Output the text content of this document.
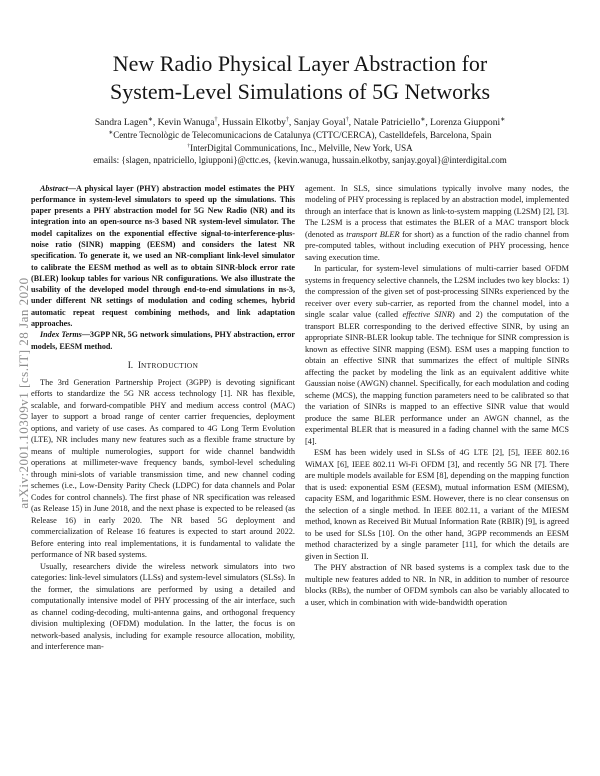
arXiv:2001.10309v1 [cs.IT] 28 Jan 2020
New Radio Physical Layer Abstraction for
System-Level Simulations of 5G Networks
Sandra Lagen∗, Kevin Wanuga†, Hussain Elkotby†, Sanjay Goyal†, Natale Patriciello∗, Lorenza Giupponi∗
∗Centre Tecnològic de Telecomunicacions de Catalunya (CTTC/CERCA), Castelldefels, Barcelona, Spain
†InterDigital Communications, Inc., Melville, New York, USA
emails: {slagen, npatriciello, lgiupponi}@cttc.es, {kevin.wanuga, hussain.elkotby, sanjay.goyal}@interdigital.com

Abstract—A physical layer (PHY) abstraction model estimates the PHY performance in system-level simulators to speed up the simulations. This paper presents a PHY abstraction model for 5G New Radio (NR) and its integration into an open-source ns-3 based NR system-level simulator. The model capitalizes on the exponential effective signal-to-interference-plus-noise ratio (SINR) mapping (EESM) and considers the latest NR specification. To generate it, we used an NR-compliant link-level simulator to calibrate the EESM method as well as to obtain SINR-block error rate (BLER) lookup tables for various NR configurations. We also illustrate the usability of the developed model through end-to-end simulations in ns-3, under different NR settings of modulation and coding schemes, hybrid automatic repeat request combining methods, and link adaptation approaches.

Index Terms—3GPP NR, 5G network simulations, PHY abstraction, error models, EESM method.

I. INTRODUCTION

The 3rd Generation Partnership Project (3GPP) is devoting significant efforts to standardize the 5G NR access technology [1]. NR has flexible, scalable, and forward-compatible PHY and medium access control (MAC) layer to support a broad range of center carrier frequencies, deployment options, and variety of use cases. As compared to 4G Long Term Evolution (LTE), NR includes many new features such as a flexible frame structure by means of multiple numerologies, support for wide channel bandwidth operations at millimeter-wave frequency bands, symbol-level scheduling through mini-slots of variable transmission time, and new channel coding schemes (i.e., Low-Density Parity Check (LDPC) for data channels and Polar Codes for control channels). The first phase of NR specification was released (as Release 15) in June 2018, and the next phase is expected to be released (as Release 16) in early 2020. The NR based 5G deployment and commercialization of Release 16 features is expected to start around 2022. Before entering into real implementations, it is fundamental to validate the performance of NR based systems.

Usually, researchers divide the wireless network simulators into two categories: link-level simulators (LLSs) and system-level simulators (SLSs). In the former, the simulations are performed by using a detailed and computationally intensive model of PHY processing of the air interface, such as channel coding-decoding, multi-antenna gains, and orthogonal frequency division multiplexing (OFDM) modulation. In the latter, the focus is on network-based analysis, including for example resource allocation, mobility, and interference man-

agement. In SLS, since simulations typically involve many nodes, the modeling of PHY processing is replaced by an abstraction model, implemented through an interface that is known as link-to-system mapping (L2SM) [2], [3]. The L2SM is a process that estimates the BLER of a MAC transport block (denoted as transport BLER for short) as a function of the radio channel from pre-computed tables, without including execution of PHY processing, hence saving execution time.

In particular, for system-level simulations of multi-carrier based OFDM systems in frequency selective channels, the L2SM includes two key blocks: 1) the compression of the given set of post-processing SINRs experienced by the receiver over every sub-carrier, as reported from the channel model, into a single scalar value (called effective SINR) and 2) the computation of the transport BLER corresponding to the derived effective SINR, by using an appropriate SINR-BLER lookup table. The technique for SINR compression is known as effective SINR mapping (ESM). ESM uses a mapping function to obtain an effective SINR that summarizes the effect of multiple SINRs affecting the packet by modeling the link as an equivalent additive white Gaussian noise (AWGN) channel. Specifically, for each modulation and coding scheme (MCS), the mapping function parameters need to be calibrated so that the variation of SINRs is mapped to an effective SINR value that would produce the same BLER performance under an AWGN channel, as the experimental BLER that is measured in a fading channel with the same MCS [4].

ESM has been widely used in SLSs of 4G LTE [2], [5], IEEE 802.16 WiMAX [6], IEEE 802.11 Wi-Fi OFDM [3], and recently 5G NR [7]. There are multiple models available for ESM [8], depending on the mapping function that is used: exponential ESM (EESM), mutual information ESM (MIESM), capacity ESM, and logarithmic ESM. However, there is no clear consensus on the selection of a single method. In IEEE 802.11, a variant of the MIESM method, known as Received Bit Mutual Information Rate (RBIR) [9], is agreed to be used for SLSs [10]. On the other hand, 3GPP recommends an EESM method characterized by a single parameter [11], for which the details are given in Section II.

The PHY abstraction of NR based systems is a complex task due to the multiple new features added to NR. In NR, in addition to number of resource blocks (RBs), the number of OFDM symbols can also be variably allocated to a user, which in combination with wide-bandwidth operation
